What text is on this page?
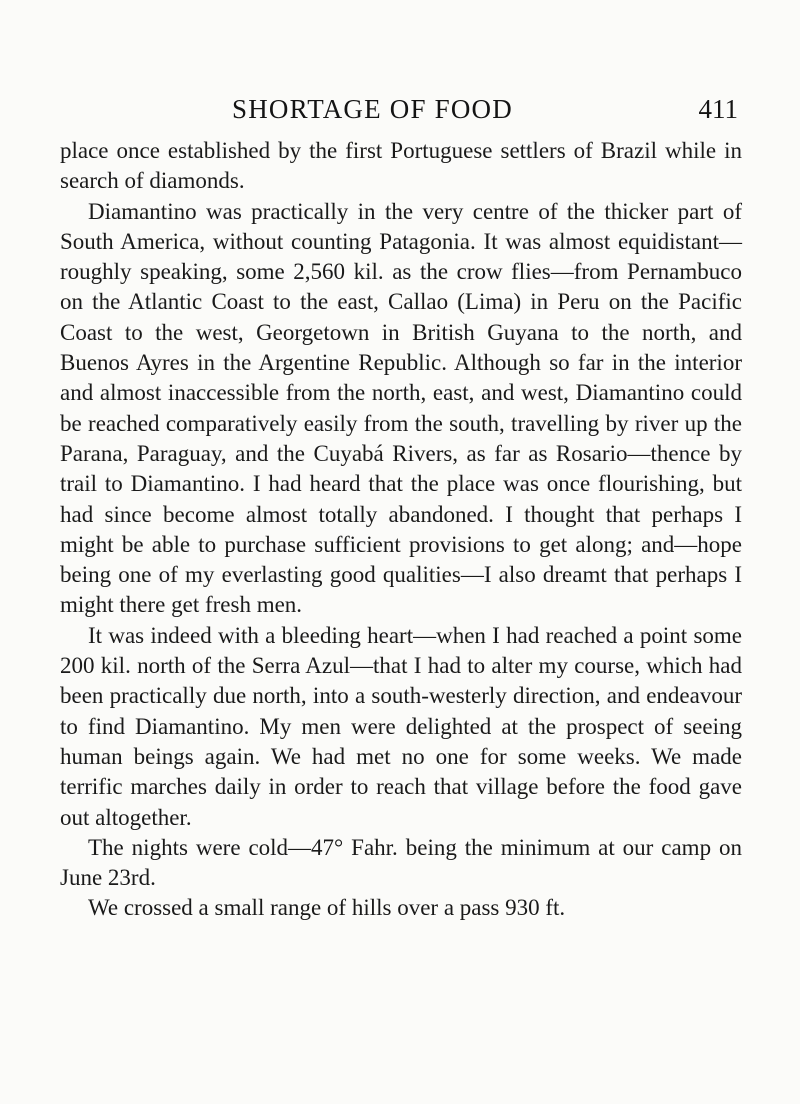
SHORTAGE OF FOOD	411

place once established by the first Portuguese settlers of Brazil while in search of diamonds.

Diamantino was practically in the very centre of the thicker part of South America, without counting Patagonia. It was almost equidistant—roughly speaking, some 2,560 kil. as the crow flies—from Pernambuco on the Atlantic Coast to the east, Callao (Lima) in Peru on the Pacific Coast to the west, Georgetown in British Guyana to the north, and Buenos Ayres in the Argentine Republic. Although so far in the interior and almost inaccessible from the north, east, and west, Diamantino could be reached comparatively easily from the south, travelling by river up the Parana, Paraguay, and the Cuyabá Rivers, as far as Rosario—thence by trail to Diamantino. I had heard that the place was once flourishing, but had since become almost totally abandoned. I thought that perhaps I might be able to purchase sufficient provisions to get along; and—hope being one of my everlasting good qualities—I also dreamt that perhaps I might there get fresh men.

It was indeed with a bleeding heart—when I had reached a point some 200 kil. north of the Serra Azul—that I had to alter my course, which had been practically due north, into a south-westerly direction, and endeavour to find Diamantino. My men were delighted at the prospect of seeing human beings again. We had met no one for some weeks. We made terrific marches daily in order to reach that village before the food gave out altogether.

The nights were cold—47° Fahr. being the minimum at our camp on June 23rd.

We crossed a small range of hills over a pass 930 ft.
